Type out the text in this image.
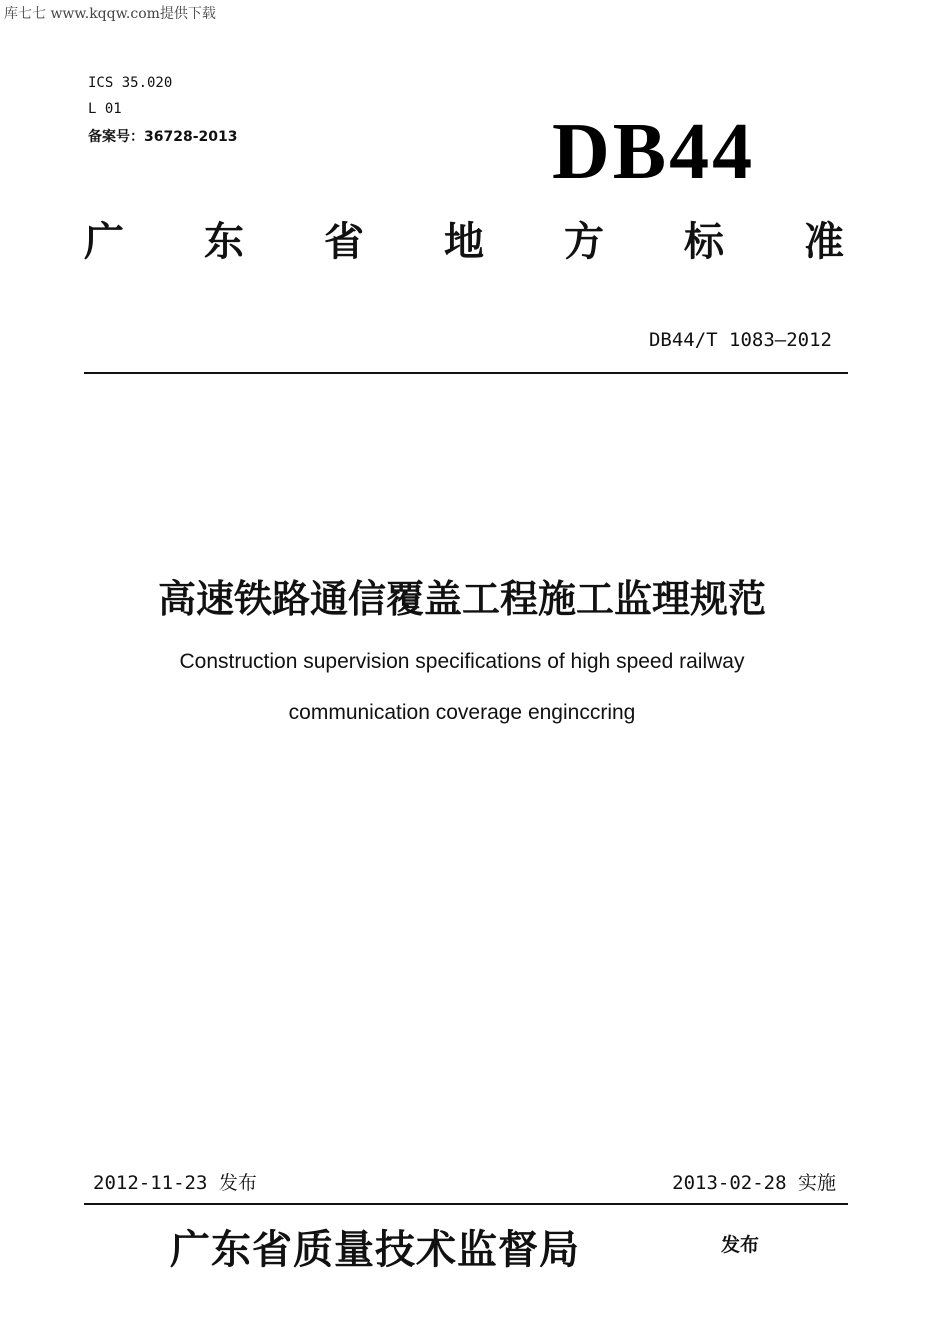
库七七 www.kqqw.com提供下载
ICS 35.020
L 01
备案号：36728-2013	DB44
广 东 省 地 方 标 准
DB44/T 1083—2012
高速铁路通信覆盖工程施工监理规范
Construction supervision specifications of high speed railway
communication coverage enginccring
2012-11-23 发布	2013-02-28 实施
广东省质量技术监督局	发布
